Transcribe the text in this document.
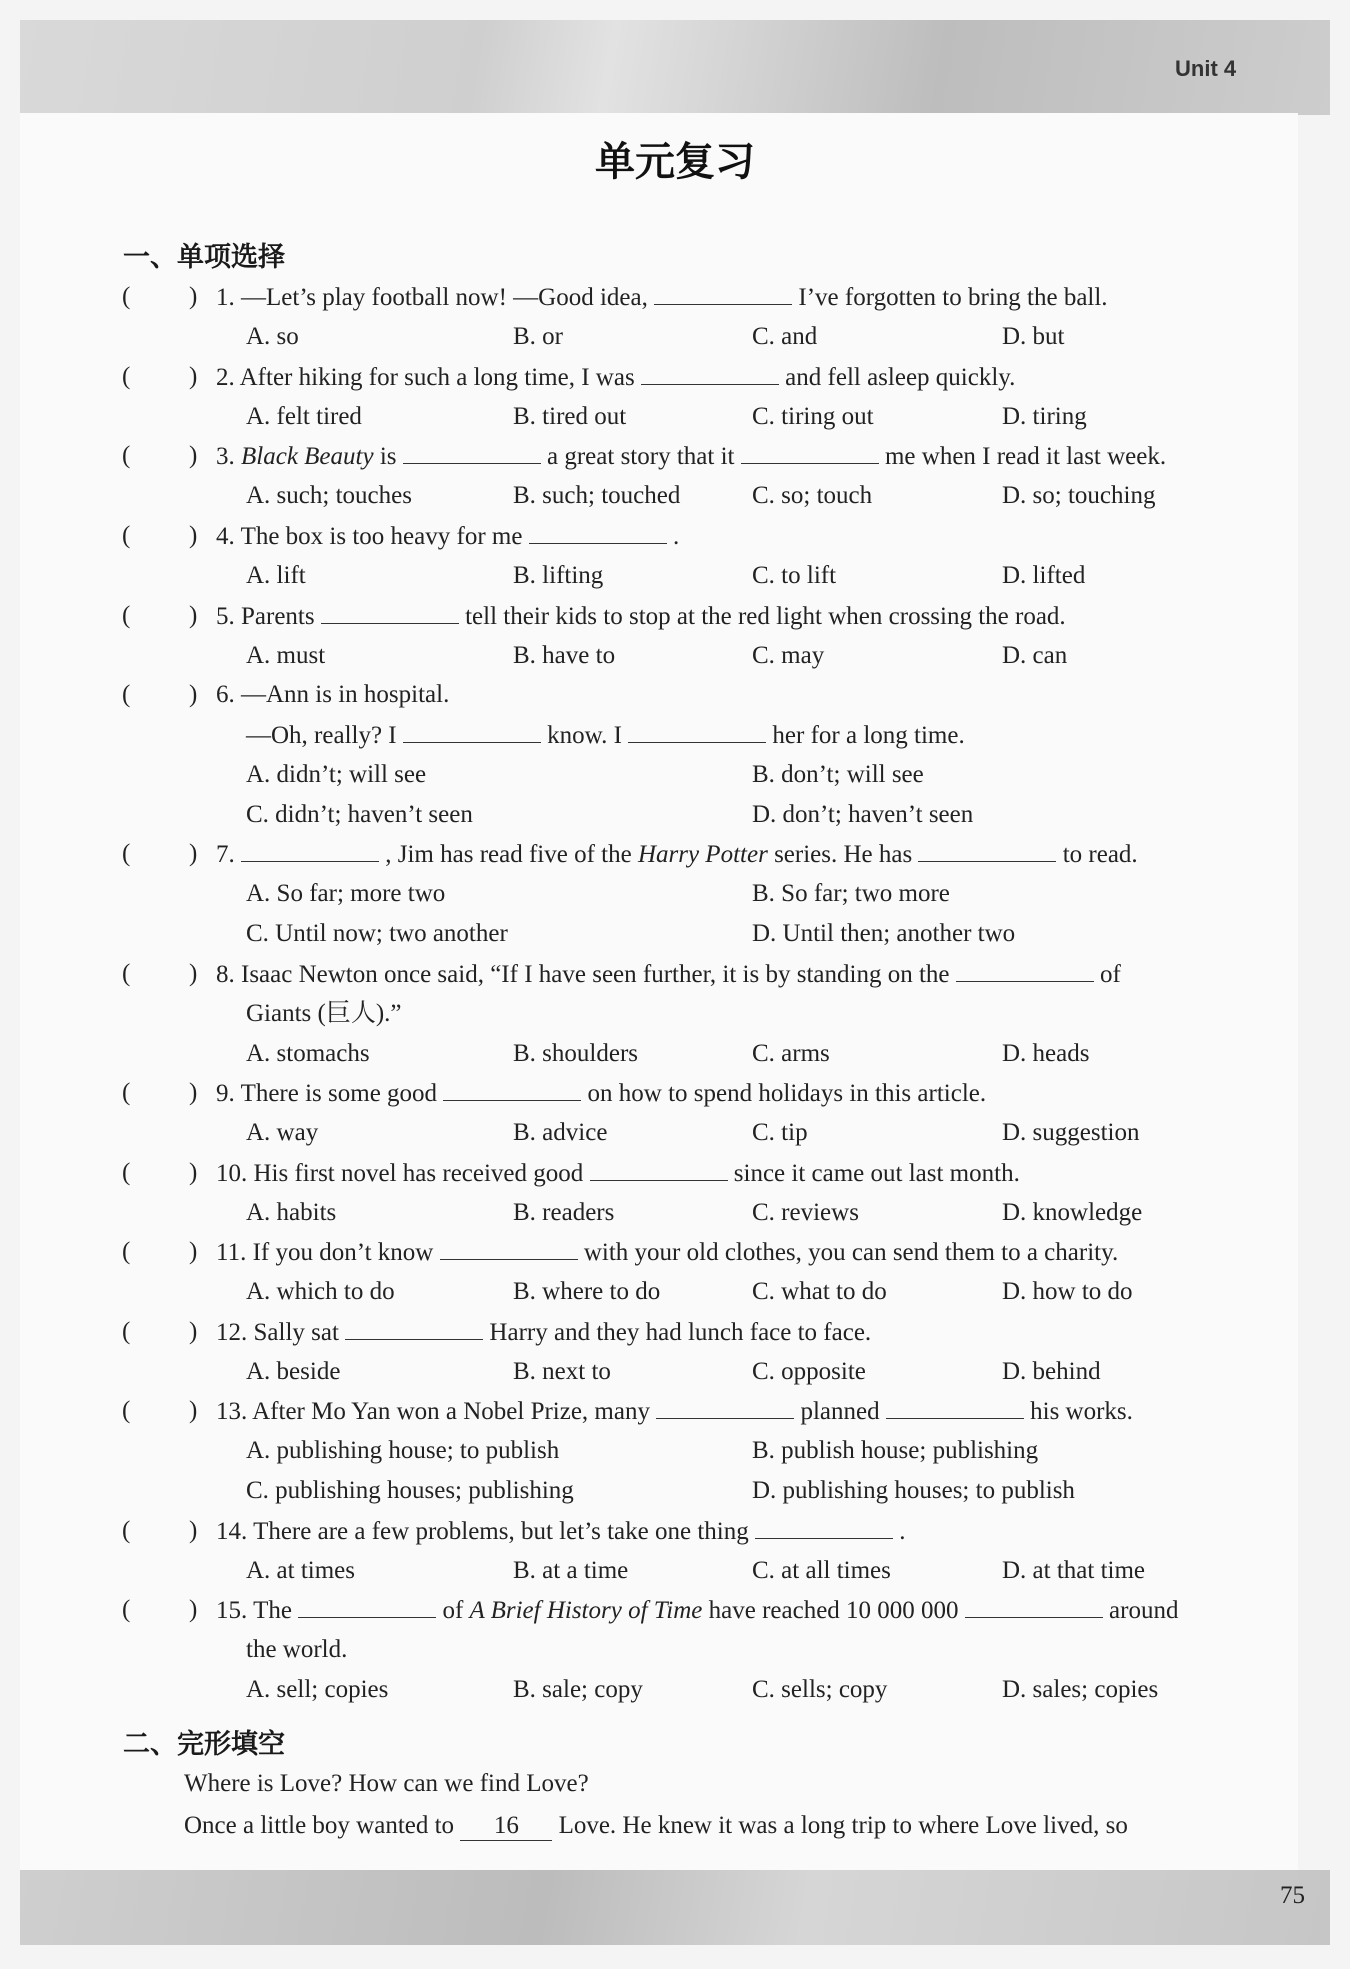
Unit 4
单元复习
一、单项选择
( ) 1. —Let’s play football now! —Good idea,	I’ve forgotten to bring the ball.
A. so	B. or	C. and	D. but
( ) 2. After hiking for such a long time, I was	and fell asleep quickly.
A. felt tired	B. tired out	C. tiring out	D. tiring
( ) 3. Black Beauty is	a great story that it	me when I read it last week.
A. such; touches	B. such; touched	C. so; touch	D. so; touching
( ) 4. The box is too heavy for me	.
A. lift	B. lifting	C. to lift	D. lifted
( ) 5. Parents	tell their kids to stop at the red light when crossing the road.
A. must	B. have to	C. may	D. can
( ) 6. —Ann is in hospital.
—Oh, really? I	know. I	her for a long time.
A. didn’t; will see	B. don’t; will see
C. didn’t; haven’t seen	D. don’t; haven’t seen
( ) 7.	, Jim has read five of the Harry Potter series. He has	to read.
A. So far; more two	B. So far; two more
C. Until now; two another	D. Until then; another two
( ) 8. Isaac Newton once said, “If I have seen further, it is by standing on the	of
Giants (巨人).”
A. stomachs	B. shoulders	C. arms	D. heads
( ) 9. There is some good	on how to spend holidays in this article.
A. way	B. advice	C. tip	D. suggestion
( ) 10. His first novel has received good	since it came out last month.
A. habits	B. readers	C. reviews	D. knowledge
( ) 11. If you don’t know	with your old clothes, you can send them to a charity.
A. which to do	B. where to do	C. what to do	D. how to do
( ) 12. Sally sat	Harry and they had lunch face to face.
A. beside	B. next to	C. opposite	D. behind
( ) 13. After Mo Yan won a Nobel Prize, many	planned	his works.
A. publishing house; to publish	B. publish house; publishing
C. publishing houses; publishing	D. publishing houses; to publish
( ) 14. There are a few problems, but let’s take one thing	.
A. at times	B. at a time	C. at all times	D. at that time
( ) 15. The	of A Brief History of Time have reached 10 000 000	around
the world.
A. sell; copies	B. sale; copy	C. sells; copy	D. sales; copies
二、完形填空
Where is Love? How can we find Love?
Once a little boy wanted to 16 Love. He knew it was a long trip to where Love lived, so
75
